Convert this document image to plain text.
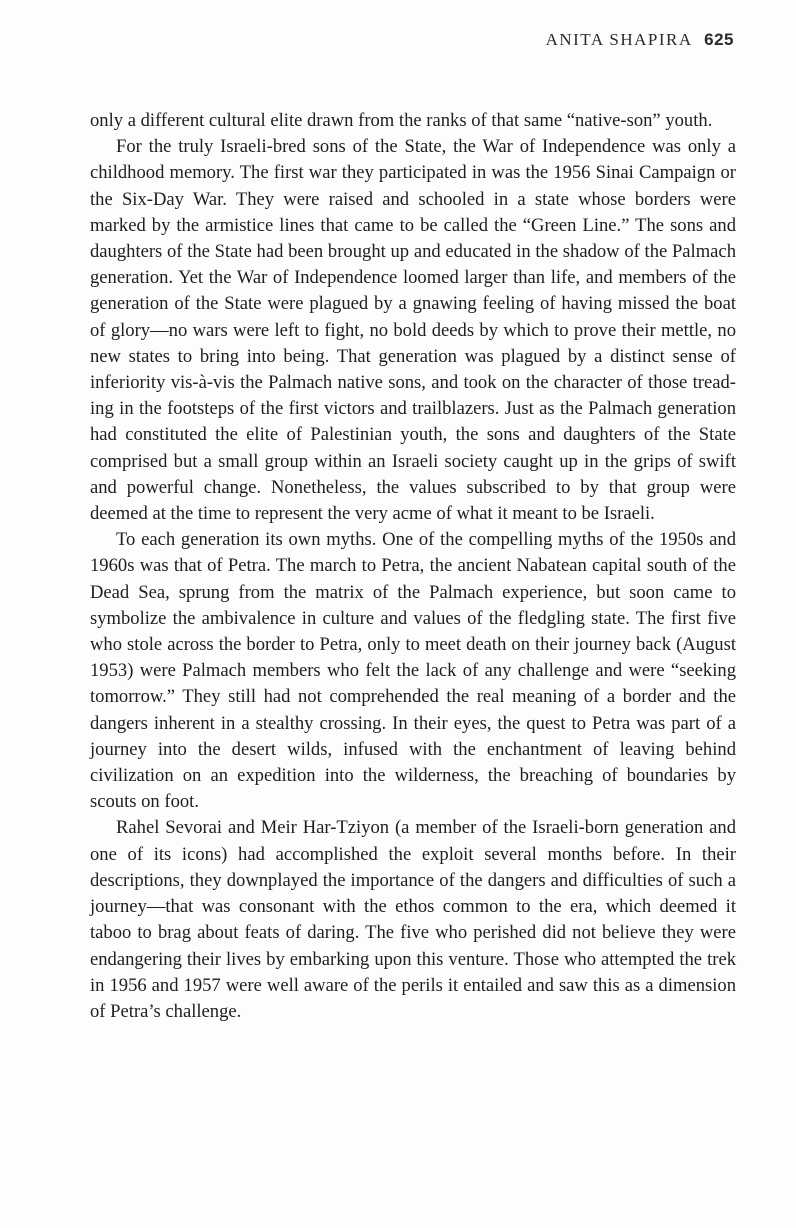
ANITA SHAPIRA 625

only a different cultural elite drawn from the ranks of that same “native-son” youth.

For the truly Israeli-bred sons of the State, the War of Independence was only a childhood memory. The first war they participated in was the 1956 Sinai Campaign or the Six-Day War. They were raised and schooled in a state whose borders were marked by the armistice lines that came to be called the “Green Line.” The sons and daughters of the State had been brought up and educated in the shadow of the Palmach generation. Yet the War of Independence loomed larger than life, and members of the generation of the State were plagued by a gnawing feeling of having missed the boat of glory—no wars were left to fight, no bold deeds by which to prove their mettle, no new states to bring into being. That generation was plagued by a distinct sense of inferiority vis-à-vis the Palmach native sons, and took on the character of those treading in the footsteps of the first victors and trailblazers. Just as the Palmach generation had constituted the elite of Palestinian youth, the sons and daughters of the State comprised but a small group within an Israeli society caught up in the grips of swift and powerful change. Nonetheless, the values subscribed to by that group were deemed at the time to represent the very acme of what it meant to be Israeli.

To each generation its own myths. One of the compelling myths of the 1950s and 1960s was that of Petra. The march to Petra, the ancient Nabatean capital south of the Dead Sea, sprung from the matrix of the Palmach experience, but soon came to symbolize the ambivalence in culture and values of the fledgling state. The first five who stole across the border to Petra, only to meet death on their journey back (August 1953) were Palmach members who felt the lack of any challenge and were “seeking tomorrow.” They still had not comprehended the real meaning of a border and the dangers inherent in a stealthy crossing. In their eyes, the quest to Petra was part of a journey into the desert wilds, infused with the enchantment of leaving behind civilization on an expedition into the wilderness, the breaching of boundaries by scouts on foot.

Rahel Sevorai and Meir Har-Tziyon (a member of the Israeli-born generation and one of its icons) had accomplished the exploit several months before. In their descriptions, they downplayed the importance of the dangers and difficulties of such a journey—that was consonant with the ethos common to the era, which deemed it taboo to brag about feats of daring. The five who perished did not believe they were endangering their lives by embarking upon this venture. Those who attempted the trek in 1956 and 1957 were well aware of the perils it entailed and saw this as a dimension of Petra’s challenge.
